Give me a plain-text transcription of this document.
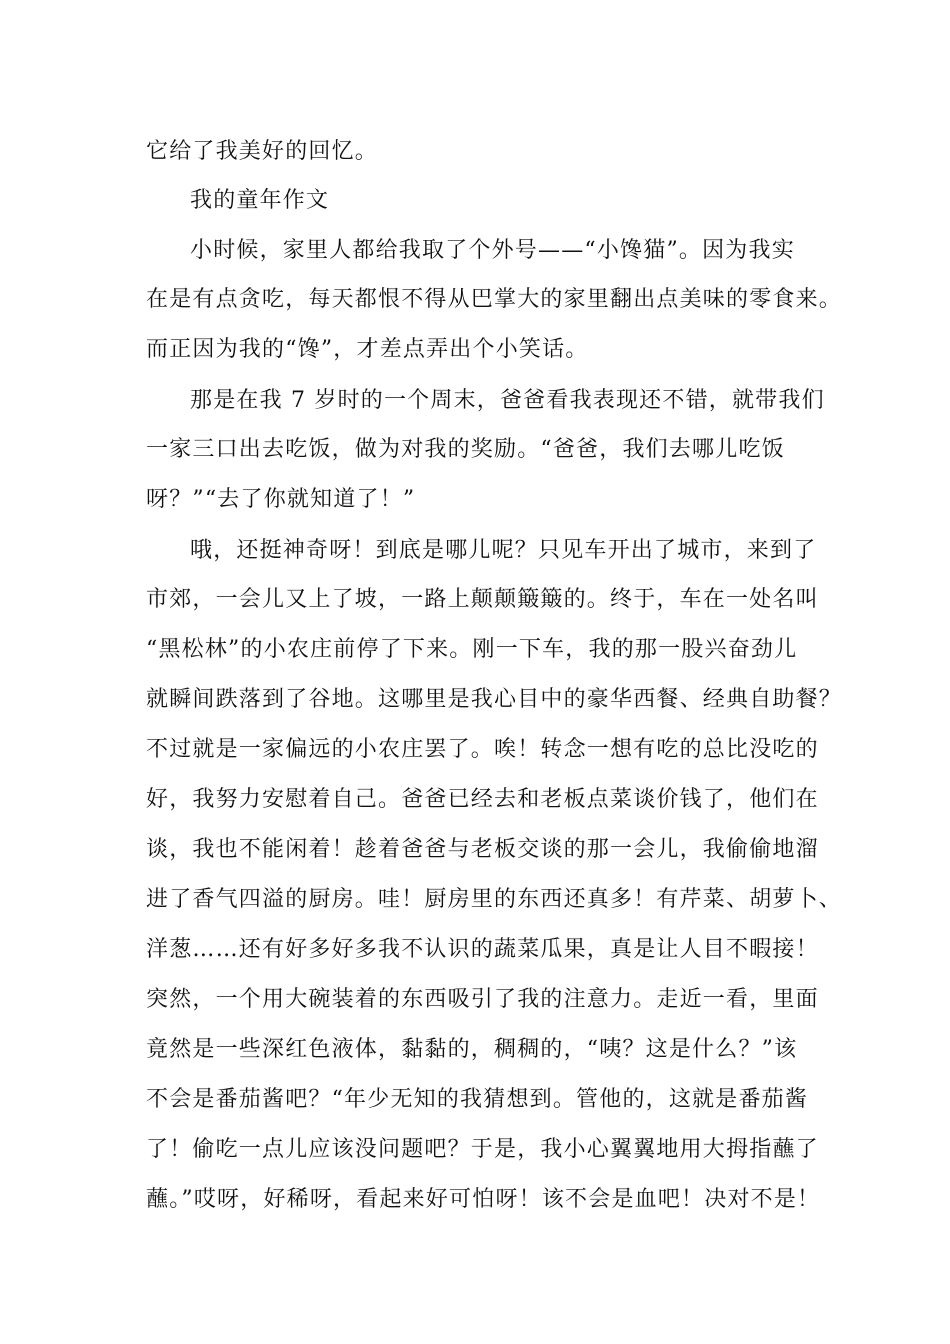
它给了我美好的回忆。
我的童年作文
小时候，家里人都给我取了个外号——“小馋猫”。因为我实
在是有点贪吃，每天都恨不得从巴掌大的家里翻出点美味的零食来。
而正因为我的“馋”，才差点弄出个小笑话。
那是在我 7 岁时的一个周末，爸爸看我表现还不错，就带我们
一家三口出去吃饭，做为对我的奖励。“爸爸，我们去哪儿吃饭
呀？”“去了你就知道了！”
哦，还挺神奇呀！到底是哪儿呢？只见车开出了城市，来到了
市郊，一会儿又上了坡，一路上颠颠簸簸的。终于，车在一处名叫
“黑松林”的小农庄前停了下来。刚一下车，我的那一股兴奋劲儿
就瞬间跌落到了谷地。这哪里是我心目中的豪华西餐、经典自助餐？
不过就是一家偏远的小农庄罢了。唉！转念一想有吃的总比没吃的
好，我努力安慰着自己。爸爸已经去和老板点菜谈价钱了，他们在
谈，我也不能闲着！趁着爸爸与老板交谈的那一会儿，我偷偷地溜
进了香气四溢的厨房。哇！厨房里的东西还真多！有芹菜、胡萝卜、
洋葱……还有好多好多我不认识的蔬菜瓜果，真是让人目不暇接！
突然，一个用大碗装着的东西吸引了我的注意力。走近一看，里面
竟然是一些深红色液体，黏黏的，稠稠的，“咦？这是什么？”该
不会是番茄酱吧？“年少无知的我猜想到。管他的，这就是番茄酱
了！偷吃一点儿应该没问题吧？于是，我小心翼翼地用大拇指蘸了
蘸。”哎呀，好稀呀，看起来好可怕呀！该不会是血吧！决对不是！
